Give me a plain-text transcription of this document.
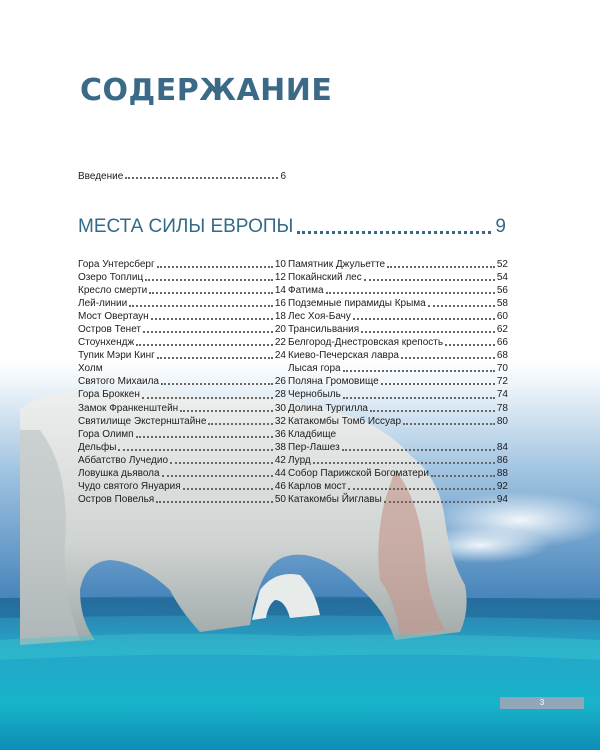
СОДЕРЖАНИЕ
Введение	6
МЕСТА СИЛЫ ЕВРОПЫ	9
Гора Унтерсберг	10
Озеро Топлиц	12
Кресло смерти	14
Лей-линии	16
Мост Овертаун	18
Остров Тенет	20
Стоунхендж	22
Тупик Мэри Кинг	24
Холм
Святого Михаила	26
Гора Броккен	28
Замок Франкенштейн	30
Святилище Экстернштайне	32
Гора Олимп	36
Дельфы	38
Аббатство Лучедио	42
Ловушка дьявола	44
Чудо святого Януария	46
Остров Повелья	50
Памятник Джульетте	52
Покайнский лес	54
Фатима	56
Подземные пирамиды Крыма	58
Лес Хоя-Бачу	60
Трансильвания	62
Белгород-Днестровская крепость	66
Киево-Печерская лавра	68
Лысая гора	70
Поляна Громовище	72
Чернобыль	74
Долина Тургилла	78
Катакомбы Томб Иссуар	80
Кладбище
Пер-Лашез	84
Лурд	86
Собор Парижской Богоматери	88
Карлов мост	92
Катакомбы Йиглавы	94
3
